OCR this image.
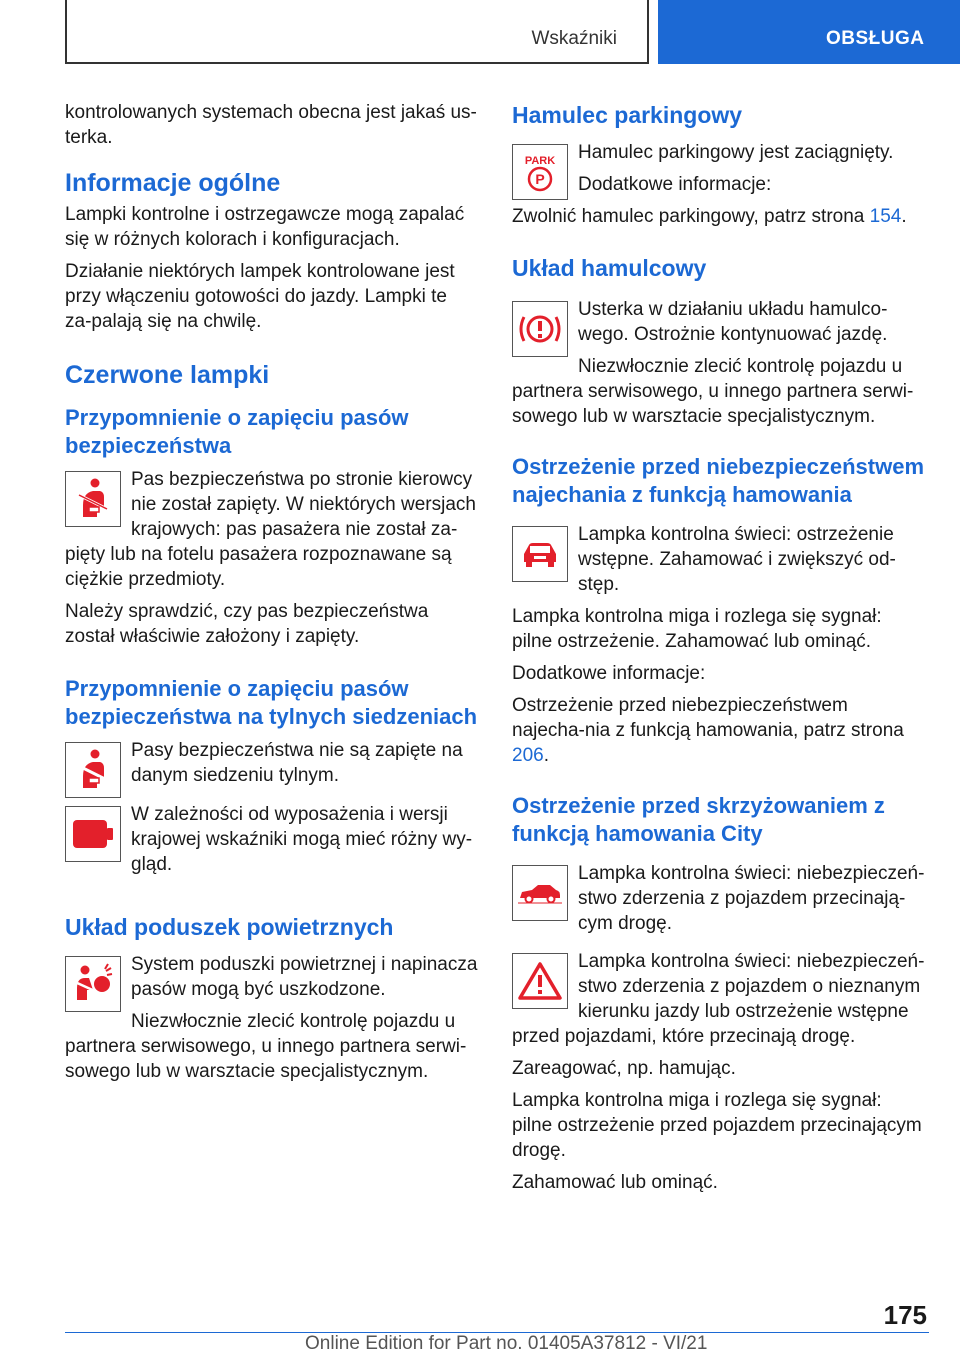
Wskaźniki	OBSŁUGA

kontrolowanych systemach obecna jest jakaś us-terka.

Informacje ogólne

Lampki kontrolne i ostrzegawcze mogą zapalać się w różnych kolorach i konfiguracjach.

Działanie niektórych lampek kontrolowane jest przy włączeniu gotowości do jazdy. Lampki te za-palają się na chwilę.

Czerwone lampki
Przypomnienie o zapięciu pasów bezpieczeństwa

Pas bezpieczeństwa po stronie kierowcy nie został zapięty. W niektórych wersjach krajowych: pas pasażera nie został za-pięty lub na fotelu pasażera rozpoznawane są ciężkie przedmioty.

Należy sprawdzić, czy pas bezpieczeństwa został właściwie założony i zapięty.

Przypomnienie o zapięciu pasów bezpieczeństwa na tylnych siedzeniach

Pasy bezpieczeństwa nie są zapięte na danym siedzeniu tylnym.

W zależności od wyposażenia i wersji krajowej wskaźniki mogą mieć różny wy-gląd.

Układ poduszek powietrznych

System poduszki powietrznej i napinacza pasów mogą być uszkodzone.

Niezwłocznie zlecić kontrolę pojazdu u partnera serwisowego, u innego partnera serwi-sowego lub w warsztacie specjalistycznym.

Hamulec parkingowy
PARK
P

Hamulec parkingowy jest zaciągnięty.

Dodatkowe informacje:

Zwolnić hamulec parkingowy, patrz strona 154.

Układ hamulcowy

Usterka w działaniu układu hamulco-wego. Ostrożnie kontynuować jazdę.

Niezwłocznie zlecić kontrolę pojazdu u partnera serwisowego, u innego partnera serwi-sowego lub w warsztacie specjalistycznym.

Ostrzeżenie przed niebezpieczeństwem najechania z funkcją hamowania

Lampka kontrolna świeci: ostrzeżenie wstępne. Zahamować i zwiększyć od-stęp.

Lampka kontrolna miga i rozlega się sygnał: pilne ostrzeżenie. Zahamować lub ominąć.

Dodatkowe informacje:

Ostrzeżenie przed niebezpieczeństwem najecha-nia z funkcją hamowania, patrz strona 206.

Ostrzeżenie przed skrzyżowaniem z funkcją hamowania City

Lampka kontrolna świeci: niebezpieczeń-stwo zderzenia z pojazdem przecinają-cym drogę.

Lampka kontrolna świeci: niebezpieczeń-stwo zderzenia z pojazdem o nieznanym kierunku jazdy lub ostrzeżenie wstępne przed pojazdami, które przecinają drogę.

Zareagować, np. hamując.

Lampka kontrolna miga i rozlega się sygnał: pilne ostrzeżenie przed pojazdem przecinającym drogę.

Zahamować lub ominąć.

175
Online Edition for Part no. 01405A37812 - VI/21
